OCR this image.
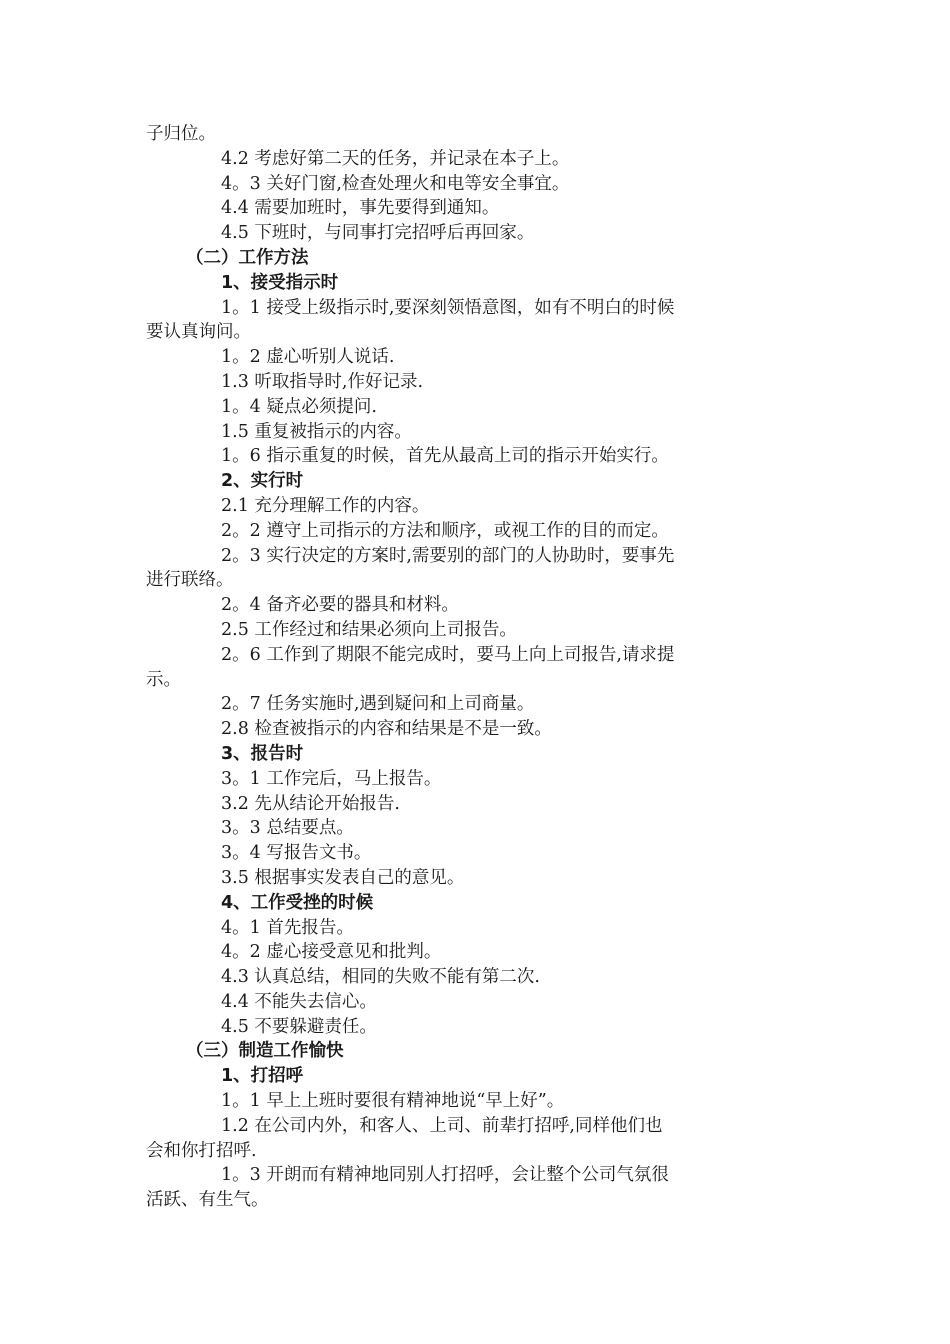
子归位。
4.2 考虑好第二天的任务，并记录在本子上。
4。3 关好门窗,检查处理火和电等安全事宜。
4.4 需要加班时，事先要得到通知。
4.5 下班时，与同事打完招呼后再回家。
（二）工作方法
1、接受指示时
1。1 接受上级指示时,要深刻领悟意图，如有不明白的时候
要认真询问。
1。2 虚心听别人说话.
1.3 听取指导时,作好记录.
1。4 疑点必须提问.
1.5 重复被指示的内容。
1。6 指示重复的时候，首先从最高上司的指示开始实行。
2、实行时
2.1 充分理解工作的内容。
2。2 遵守上司指示的方法和顺序，或视工作的目的而定。
2。3 实行决定的方案时,需要别的部门的人协助时，要事先
进行联络。
2。4 备齐必要的器具和材料。
2.5 工作经过和结果必须向上司报告。
2。6 工作到了期限不能完成时，要马上向上司报告,请求提
示。
2。7 任务实施时,遇到疑问和上司商量。
2.8 检查被指示的内容和结果是不是一致。
3、报告时
3。1 工作完后，马上报告。
3.2 先从结论开始报告.
3。3 总结要点。
3。4 写报告文书。
3.5 根据事实发表自己的意见。
4、工作受挫的时候
4。1 首先报告。
4。2 虚心接受意见和批判。
4.3 认真总结，相同的失败不能有第二次.
4.4 不能失去信心。
4.5 不要躲避责任。
（三）制造工作愉快
1、打招呼
1。1 早上上班时要很有精神地说“早上好”。
1.2 在公司内外，和客人、上司、前辈打招呼,同样他们也
会和你打招呼.
1。3 开朗而有精神地同别人打招呼，会让整个公司气氛很
活跃、有生气。
